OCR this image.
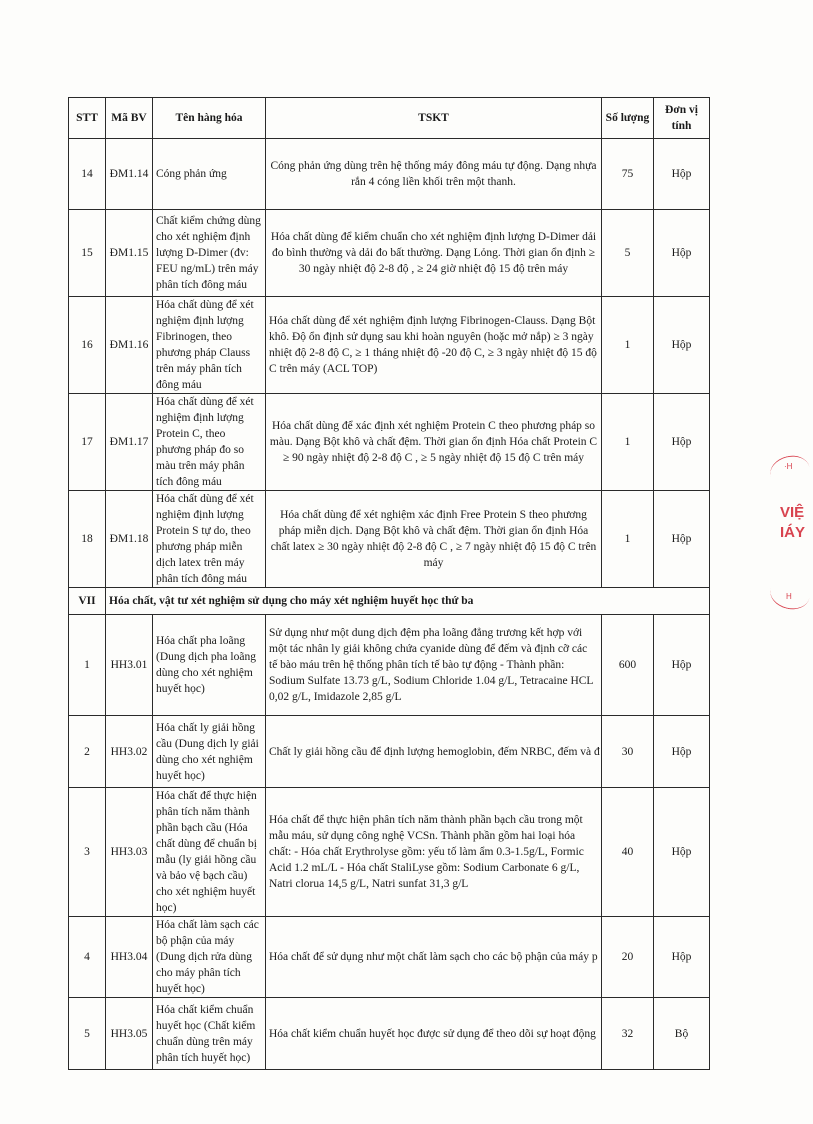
STT	Mã BV	Tên hàng hóa	TSKT	Số lượng	Đơn vị tính
14	ĐM1.14	Cóng phản ứng	Cóng phản ứng dùng trên hệ thống máy đông máu tự động. Dạng nhựa rắn 4 cóng liền khối trên một thanh.	75	Hộp
15	ĐM1.15	Chất kiểm chứng dùng cho xét nghiệm định lượng D-Dimer (đv: FEU ng/mL) trên máy phân tích đông máu	Hóa chất dùng để kiểm chuẩn cho xét nghiệm định lượng D-Dimer dải đo bình thường và dải đo bất thường. Dạng Lỏng. Thời gian ổn định ≥ 30 ngày nhiệt độ 2-8 độ , ≥ 24 giờ nhiệt độ 15 độ trên máy	5	Hộp
16	ĐM1.16	Hóa chất dùng để xét nghiệm định lượng Fibrinogen, theo phương pháp Clauss trên máy phân tích đông máu	Hóa chất dùng để xét nghiệm định lượng Fibrinogen-Clauss. Dạng Bột khô. Độ ổn định sử dụng sau khi hoàn nguyên (hoặc mở nắp) ≥ 3 ngày nhiệt độ 2-8 độ C, ≥ 1 tháng nhiệt độ -20 độ C, ≥ 3 ngày nhiệt độ 15 độ C trên máy (ACL TOP)	1	Hộp
17	ĐM1.17	Hóa chất dùng để xét nghiệm định lượng Protein C, theo phương pháp đo so màu trên máy phân tích đông máu	Hóa chất dùng để xác định xét nghiệm Protein C theo phương pháp so màu. Dạng Bột khô và chất đệm. Thời gian ổn định Hóa chất Protein C ≥ 90 ngày nhiệt độ 2-8 độ C , ≥ 5 ngày nhiệt độ 15 độ C trên máy	1	Hộp
18	ĐM1.18	Hóa chất dùng để xét nghiệm định lượng Protein S tự do, theo phương pháp miễn dịch latex trên máy phân tích đông máu	Hóa chất dùng để xét nghiệm xác định Free Protein S theo phương pháp miễn dịch. Dạng Bột khô và chất đệm. Thời gian ổn định Hóa chất latex ≥ 30 ngày nhiệt độ 2-8 độ C , ≥ 7 ngày nhiệt độ 15 độ C trên máy	1	Hộp
VII	Hóa chất, vật tư xét nghiệm sử dụng cho máy xét nghiệm huyết học thứ ba				
1	HH3.01	Hóa chất pha loãng (Dung dịch pha loãng dùng cho xét nghiệm huyết học)	Sử dụng như một dung dịch đệm pha loãng đẳng trương kết hợp với một tác nhân ly giải không chứa cyanide dùng để đếm và định cỡ các tế bào máu trên hệ thống phân tích tế bào tự động - Thành phần: Sodium Sulfate 13.73 g/L, Sodium Chloride 1.04 g/L, Tetracaine HCL 0,02 g/L, Imidazole 2,85 g/L	600	Hộp
2	HH3.02	Hóa chất ly giải hồng cầu (Dung dịch ly giải dùng cho xét nghiệm huyết học)	Chất ly giải hồng cầu để định lượng hemoglobin, đếm NRBC, đếm và đ	30	Hộp
3	HH3.03	Hóa chất để thực hiện phân tích năm thành phần bạch cầu (Hóa chất dùng để chuẩn bị mẫu (ly giải hồng cầu và bảo vệ bạch cầu) cho xét nghiệm huyết học)	Hóa chất để thực hiện phân tích năm thành phần bạch cầu trong một mẫu máu, sử dụng công nghệ VCSn. Thành phần gồm hai loại hóa chất: - Hóa chất Erythrolyse gồm: yếu tố làm ẩm 0.3-1.5g/L, Formic Acid 1.2 mL/L - Hóa chất StaliLyse gồm: Sodium Carbonate 6 g/L, Natri clorua 14,5 g/L, Natri sunfat 31,3 g/L	40	Hộp
4	HH3.04	Hóa chất làm sạch các bộ phận của máy (Dung dịch rửa dùng cho máy phân tích huyết học)	Hóa chất để sử dụng như một chất làm sạch cho các bộ phận của máy p	20	Hộp
5	HH3.05	Hóa chất kiểm chuẩn huyết học (Chất kiểm chuẩn dùng trên máy phân tích huyết học)	Hóa chất kiểm chuẩn huyết học được sử dụng để theo dõi sự hoạt động	32	Bộ
·H
VIỆ
IÁY
H
